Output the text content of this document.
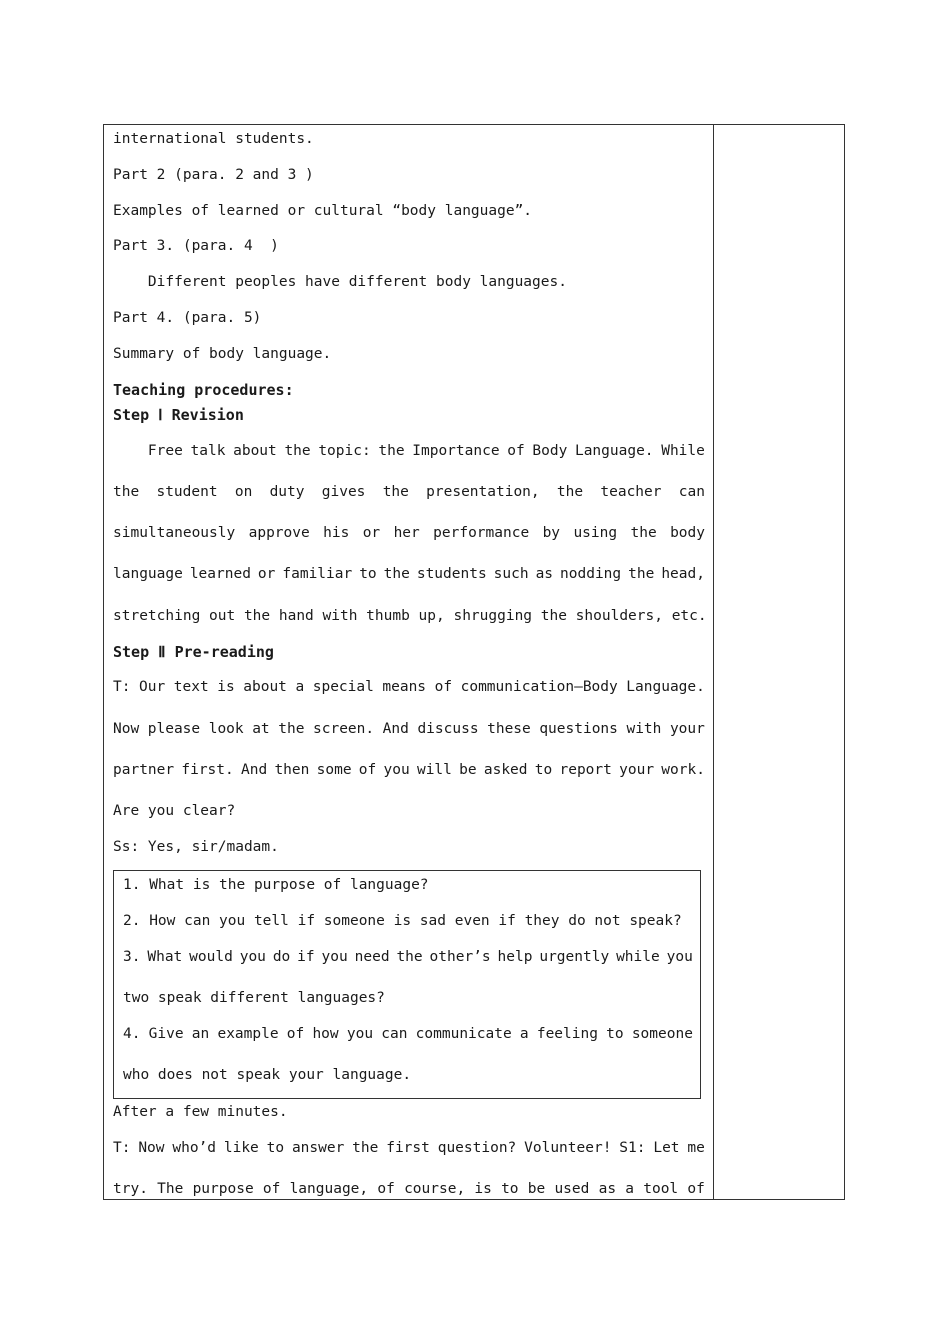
international students.
Part 2 (para. 2 and 3 )
Examples of learned or cultural “body language”.
Part 3. (para. 4  )
Different peoples have different body languages.
Part 4. (para. 5)
Summary of body language.
Teaching procedures:
Step Ⅰ Revision
Free talk about the topic: the Importance of Body Language. While
the student on duty gives the presentation, the teacher can
simultaneously approve his or her performance by using the body
language learned or familiar to the students such as nodding the head,
stretching out the hand with thumb up, shrugging the shoulders, etc.
Step Ⅱ Pre-reading
T: Our text is about a special means of communication—Body Language.
Now please look at the screen. And discuss these questions with your
partner first. And then some of you will be asked to report your work.
Are you clear?
Ss: Yes, sir/madam.
1. What is the purpose of language?
2. How can you tell if someone is sad even if they do not speak?
3. What would you do if you need the other’s help urgently while you
two speak different languages?
4. Give an example of how you can communicate a feeling to someone
who does not speak your language.
After a few minutes.
T: Now who’d like to answer the first question? Volunteer! S1: Let me
try. The purpose of language, of course, is to be used as a tool of
